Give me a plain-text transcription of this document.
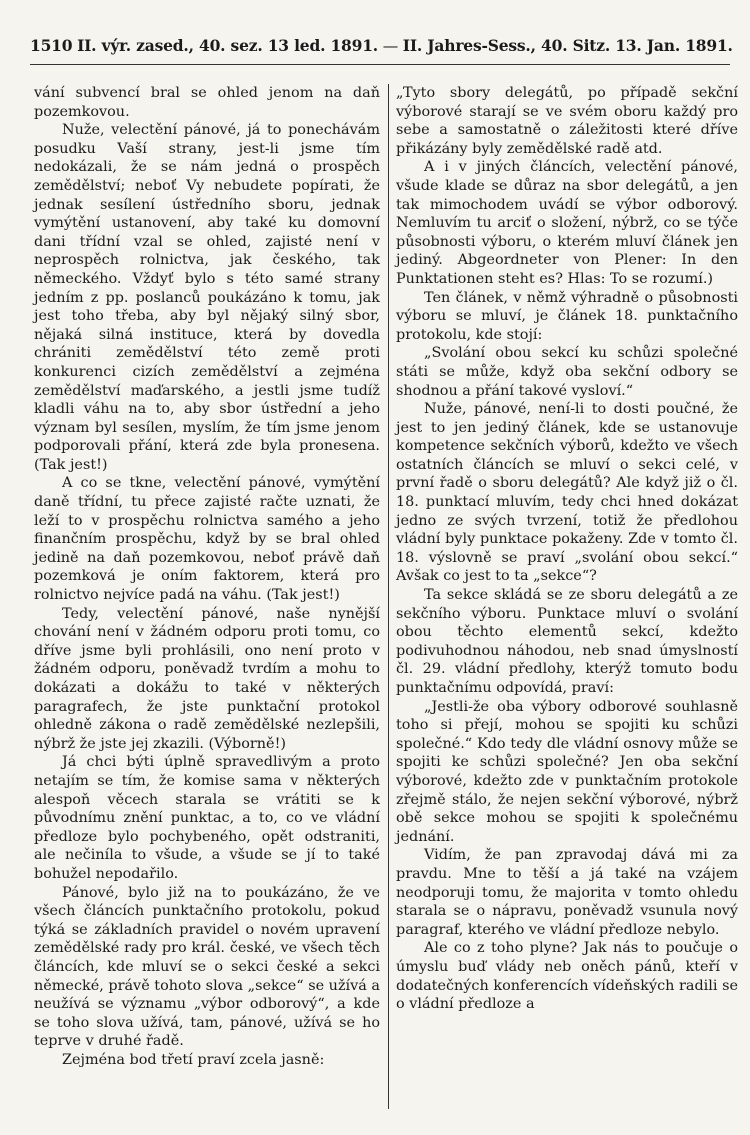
1510 II. výr. zased., 40. sez. 13 led. 1891. — II. Jahres-Sess., 40. Sitz. 13. Jan. 1891.

vání subvencí bral se ohled jenom na daň pozemkovou.

Nuže, velectění pánové, já to ponechávám posudku Vaší strany, jest-li jsme tím nedokázali, že se nám jedná o prospěch zemědělství; neboť Vy nebudete popírati, že jednak sesílení ústředního sboru, jednak vymýtění ustanovení, aby také ku domovní dani třídní vzal se ohled, zajisté není v neprospěch rolnictva, jak českého, tak německého. Vždyť bylo s této samé strany jedním z pp. poslanců poukázáno k tomu, jak jest toho třeba, aby byl nějaký silný sbor, nějaká silná instituce, která by dovedla chrániti zemědělství této země proti konkurenci cizích zemědělství a zejména zemědělství maďarského, a jestli jsme tudíž kladli váhu na to, aby sbor ústřední a jeho význam byl sesílen, myslím, že tím jsme jenom podporovali přání, která zde byla pronesena. (Tak jest!)

A co se tkne, velectění pánové, vymýtění daně třídní, tu přece zajisté račte uznati, že leží to v prospěchu rolnictva samého a jeho finančním prospěchu, když by se bral ohled jedině na daň pozemkovou, neboť právě daň pozemková je oním faktorem, která pro rolnictvo nejvíce padá na váhu. (Tak jest!)

Tedy, velectění pánové, naše nynější chování není v žádném odporu proti tomu, co dříve jsme byli prohlásili, ono není proto v žádném odporu, poněvadž tvrdím a mohu to dokázati a dokážu to také v některých paragrafech, že jste punktační protokol ohledně zákona o radě zemědělské nezlepšili, nýbrž že jste jej zkazili. (Výborně!)

Já chci býti úplně spravedlivým a proto netajím se tím, že komise sama v některých alespoň věcech starala se vrátiti se k původnímu znění punktac, a to, co ve vládní předloze bylo pochybeného, opět odstraniti, ale nečiníla to všude, a všude se jí to také bohužel nepodařilo.

Pánové, bylo již na to poukázáno, že ve všech článcích punktačního protokolu, pokud týká se základních pravidel o novém upravení zemědělské rady pro král. české, ve všech těch článcích, kde mluví se o sekci české a sekci německé, právě tohoto slova „sekce“ se užívá a neužívá se významu „výbor odborový“, a kde se toho slova užívá, tam, pánové, užívá se ho teprve v druhé řadě.

Zejména bod třetí praví zcela jasně:

„Tyto sbory delegátů, po případě sekční výborové starají se ve svém oboru každý pro sebe a samostatně o záležitosti které dříve přikázány byly zemědělské radě atd.

A i v jiných článcích, velectění pánové, všude klade se důraz na sbor delegátů, a jen tak mimochodem uvádí se výbor odborový. Nemluvím tu arciť o složení, nýbrž, co se týče působnosti výboru, o kterém mluví článek jen jediný. Abgeordneter von Plener: In den Punktationen steht es? Hlas: To se rozumí.)

Ten článek, v němž výhradně o působnosti výboru se mluví, je článek 18. punktačního protokolu, kde stojí:

„Svolání obou sekcí ku schůzi společné státi se může, když oba sekční odbory se shodnou a přání takové vysloví.“

Nuže, pánové, není-li to dosti poučné, že jest to jen jediný článek, kde se ustanovuje kompetence sekčních výborů, kdežto ve všech ostatních článcích se mluví o sekci celé, v první řadě o sboru delegátů? Ale když již o čl. 18. punktací mluvím, tedy chci hned dokázat jedno ze svých tvrzení, totiž že předlohou vládní byly punktace pokaženy. Zde v tomto čl. 18. výslovně se praví „svolání obou sekcí.“ Avšak co jest to ta „sekce“?

Ta sekce skládá se ze sboru delegátů a ze sekčního výboru. Punktace mluví o svolání obou těchto elementů sekcí, kdežto podivuhodnou náhodou, neb snad úmyslností čl. 29. vládní předlohy, kterýž tomuto bodu punktačnímu odpovídá, praví:

„Jestli-že oba výbory odborové souhlasně toho si přejí, mohou se spojiti ku schůzi společné.“ Kdo tedy dle vládní osnovy může se spojiti ke schůzi společné? Jen oba sekční výborové, kdežto zde v punktačním protokole zřejmě stálo, že nejen sekční výborové, nýbrž obě sekce mohou se spojiti k společnému jednání.

Vidím, že pan zpravodaj dává mi za pravdu. Mne to těší a já také na vzájem neodporuji tomu, že majorita v tomto ohledu starala se o nápravu, poněvadž vsunula nový paragraf, kterého ve vládní předloze nebylo.

Ale co z toho plyne? Jak nás to poučuje o úmyslu buď vlády neb oněch pánů, kteří v dodatečných konferencích vídeňských radili se o vládní předloze a
